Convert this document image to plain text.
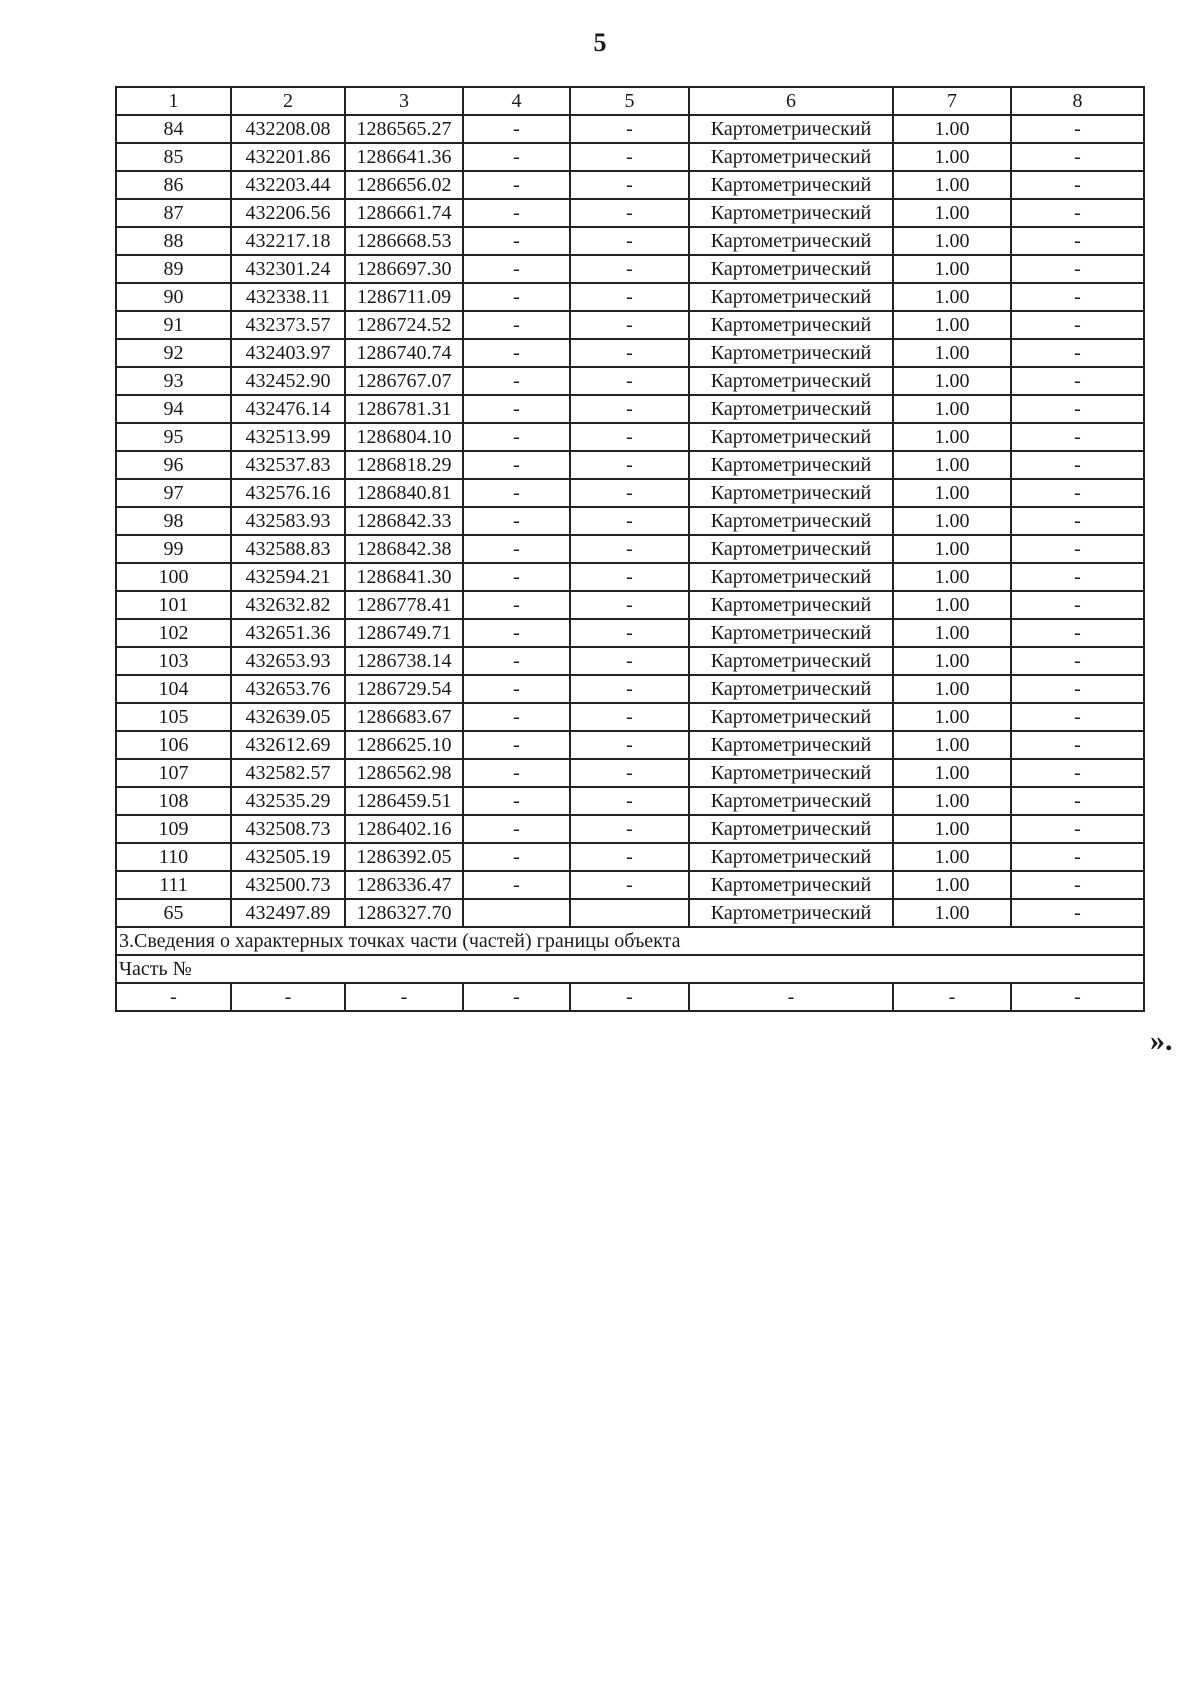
5
1	2	3	4	5	6	7	8
84	432208.08	1286565.27	-	-	Картометрический	1.00	-
85	432201.86	1286641.36	-	-	Картометрический	1.00	-
86	432203.44	1286656.02	-	-	Картометрический	1.00	-
87	432206.56	1286661.74	-	-	Картометрический	1.00	-
88	432217.18	1286668.53	-	-	Картометрический	1.00	-
89	432301.24	1286697.30	-	-	Картометрический	1.00	-
90	432338.11	1286711.09	-	-	Картометрический	1.00	-
91	432373.57	1286724.52	-	-	Картометрический	1.00	-
92	432403.97	1286740.74	-	-	Картометрический	1.00	-
93	432452.90	1286767.07	-	-	Картометрический	1.00	-
94	432476.14	1286781.31	-	-	Картометрический	1.00	-
95	432513.99	1286804.10	-	-	Картометрический	1.00	-
96	432537.83	1286818.29	-	-	Картометрический	1.00	-
97	432576.16	1286840.81	-	-	Картометрический	1.00	-
98	432583.93	1286842.33	-	-	Картометрический	1.00	-
99	432588.83	1286842.38	-	-	Картометрический	1.00	-
100	432594.21	1286841.30	-	-	Картометрический	1.00	-
101	432632.82	1286778.41	-	-	Картометрический	1.00	-
102	432651.36	1286749.71	-	-	Картометрический	1.00	-
103	432653.93	1286738.14	-	-	Картометрический	1.00	-
104	432653.76	1286729.54	-	-	Картометрический	1.00	-
105	432639.05	1286683.67	-	-	Картометрический	1.00	-
106	432612.69	1286625.10	-	-	Картометрический	1.00	-
107	432582.57	1286562.98	-	-	Картометрический	1.00	-
108	432535.29	1286459.51	-	-	Картометрический	1.00	-
109	432508.73	1286402.16	-	-	Картометрический	1.00	-
110	432505.19	1286392.05	-	-	Картометрический	1.00	-
111	432500.73	1286336.47	-	-	Картометрический	1.00	-
65	432497.89	1286327.70			Картометрический	1.00	-
3.Сведения о характерных точках части (частей) границы объекта							
Часть №							
-	-	-	-	-	-	-	-
».
